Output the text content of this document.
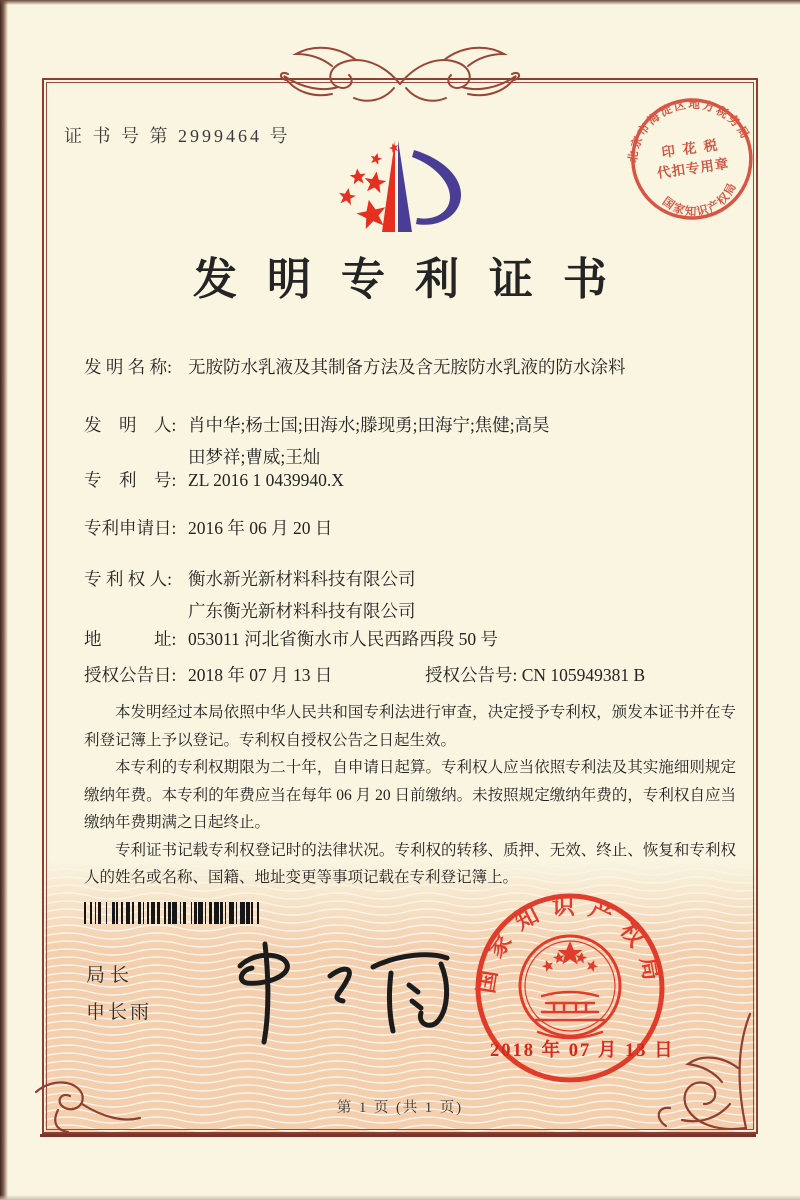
证 书 号 第 2999464 号
北京市海淀区地方税务局
国家知识产权局
印 花 税
代扣专用章
发明专利证书
发 明 名 称: 无胺防水乳液及其制备方法及含无胺防水乳液的防水涂料
发　明　人: 肖中华;杨士国;田海水;滕现勇;田海宁;焦健;高昊
田梦祥;曹威;王灿
专　利　号: ZL 2016 1 0439940.X
专利申请日: 2016 年 06 月 20 日
专 利 权 人: 衡水新光新材料科技有限公司
广东衡光新材料科技有限公司
地　　　址: 053011 河北省衡水市人民西路西段 50 号
授权公告日: 2018 年 07 月 13 日	授权公告号: CN 105949381 B

本发明经过本局依照中华人民共和国专利法进行审查，决定授予专利权，颁发本证书并在专利登记簿上予以登记。专利权自授权公告之日起生效。

本专利的专利权期限为二十年，自申请日起算。专利权人应当依照专利法及其实施细则规定缴纳年费。本专利的年费应当在每年 06 月 20 日前缴纳。未按照规定缴纳年费的，专利权自应当缴纳年费期满之日起终止。

专利证书记载专利权登记时的法律状况。专利权的转移、质押、无效、终止、恢复和专利权人的姓名或名称、国籍、地址变更等事项记载在专利登记簿上。

局长
申长雨
国家知识产权局
2018 年 07 月 13 日
第 1 页 (共 1 页)
